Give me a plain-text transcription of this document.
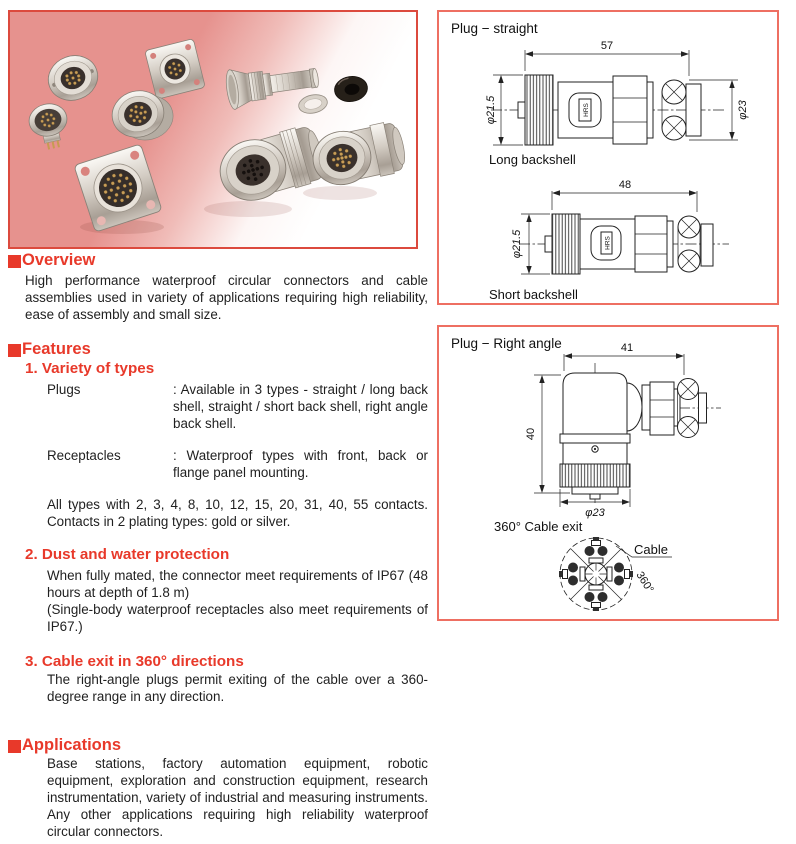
Plug − straight
57
φ21.5	HRS	φ23
Long backshell
48
φ21.5	HRS
Short backshell
Plug − Right angle	41
40
φ23
360° Cable exit
Cable
360°
Overview
High performance waterproof circular connectors and cable assemblies used in variety of applications requiring high reliability, ease of assembly and small size.
Features
1. Variety of types
Plugs	: Available in 3 types - straight / long back shell, straight / short back shell, right angle back shell.
Receptacles	: Waterproof types with front, back or flange panel mounting.
All types with 2, 3, 4, 8, 10, 12, 15, 20, 31, 40, 55 contacts. Contacts in 2 plating types: gold or silver.
2. Dust and water protection
When fully mated, the connector meet requirements of IP67 (48 hours at depth of 1.8 m)
(Single-body waterproof receptacles also meet requirements of IP67.)
3. Cable exit in 360° directions
The right-angle plugs permit exiting of the cable over a 360-degree range in any direction.
Applications
Base stations, factory automation equipment, robotic equipment, exploration and construction equipment, research instrumentation, variety of industrial and measuring instruments. Any other applications requiring high reliability waterproof circular connectors.
